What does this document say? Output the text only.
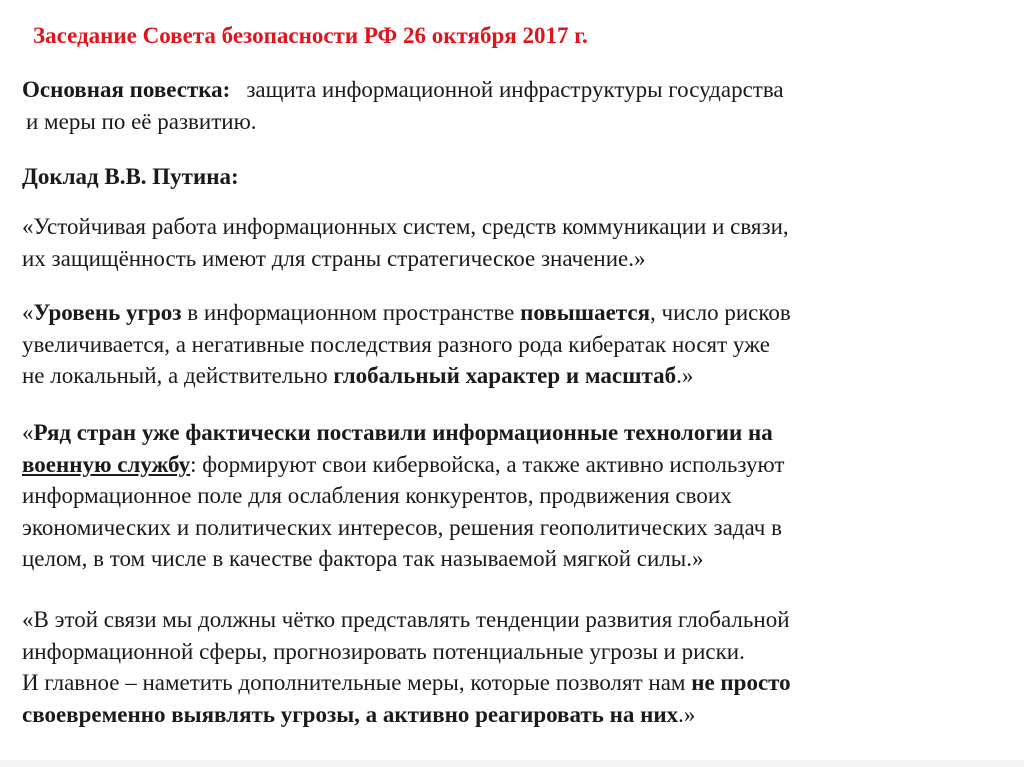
Заседание Совета безопасности РФ 26 октября 2017 г.
Основная повестка: защита информационной инфраструктуры государства
и меры по её развитию.
Доклад В.В. Путина:
«Устойчивая работа информационных систем, средств коммуникации и связи,
их защищённость имеют для страны стратегическое значение.»
«Уровень угроз в информационном пространстве повышается, число рисков
увеличивается, а негативные последствия разного рода кибератак носят уже
не локальный, а действительно глобальный характер и масштаб.»
«Ряд стран уже фактически поставили информационные технологии на
военную службу: формируют свои кибервойска, а также активно используют
информационное поле для ослабления конкурентов, продвижения своих
экономических и политических интересов, решения геополитических задач в
целом, в том числе в качестве фактора так называемой мягкой силы.»
«В этой связи мы должны чётко представлять тенденции развития глобальной
информационной сферы, прогнозировать потенциальные угрозы и риски.
И главное – наметить дополнительные меры, которые позволят нам не просто
своевременно выявлять угрозы, а активно реагировать на них.»
